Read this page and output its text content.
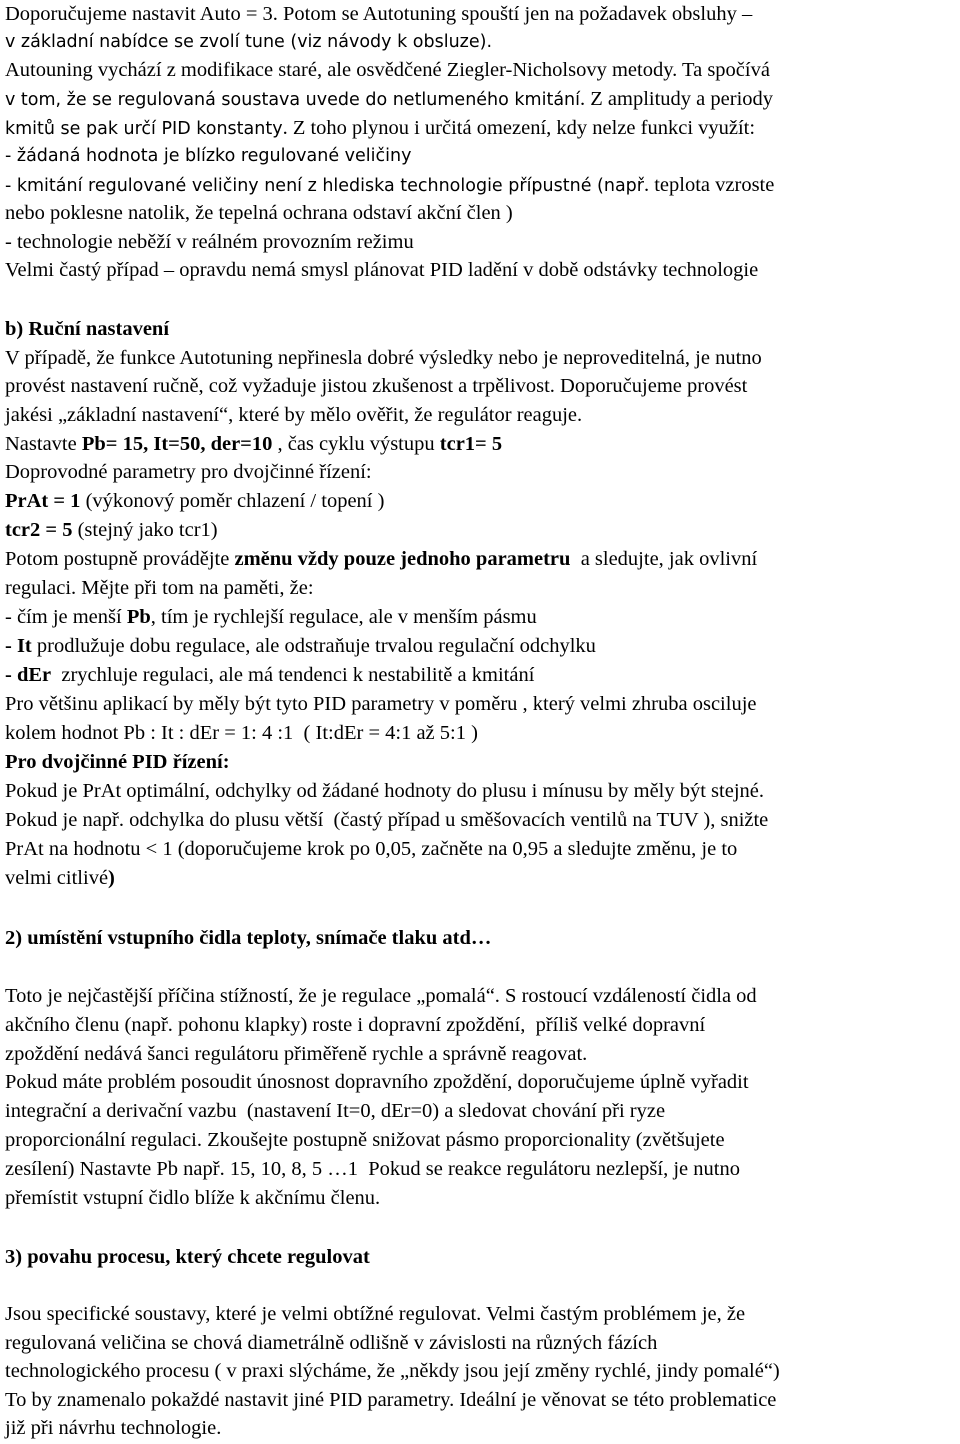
Doporučujeme nastavit Auto = 3. Potom se Autotuning spouští jen na požadavek obsluhy –
v základní nabídce se zvolí tune (viz návody k obsluze).
Autouning vychází z modifikace staré, ale osvědčené Ziegler-Nicholsovy metody. Ta spočívá
v tom, že se regulovaná soustava uvede do netlumeného kmitání. Z amplitudy a periody
kmitů se pak určí PID konstanty. Z toho plynou i určitá omezení, kdy nelze funkci využít:
- žádaná hodnota je blízko regulované veličiny
- kmitání regulované veličiny není z hlediska technologie přípustné (např. teplota vzroste
nebo poklesne natolik, že tepelná ochrana odstaví akční člen )
- technologie neběží v reálném provozním režimu
Velmi častý případ – opravdu nemá smysl plánovat PID ladění v době odstávky technologie
b) Ruční nastavení
V případě, že funkce Autotuning nepřinesla dobré výsledky nebo je neproveditelná, je nutno
provést nastavení ručně, což vyžaduje jistou zkušenost a trpělivost. Doporučujeme provést
jakési „základní nastavení“, které by mělo ověřit, že regulátor reaguje.
Nastavte Pb= 15, It=50, der=10 , čas cyklu výstupu tcr1= 5
Doprovodné parametry pro dvojčinné řízení:
PrAt = 1 (výkonový poměr chlazení / topení )
tcr2 = 5 (stejný jako tcr1)
Potom postupně provádějte změnu vždy pouze jednoho parametru  a sledujte, jak ovlivní
regulaci. Mějte při tom na paměti, že:
- čím je menší Pb, tím je rychlejší regulace, ale v menším pásmu
- It prodlužuje dobu regulace, ale odstraňuje trvalou regulační odchylku
- dEr  zrychluje regulaci, ale má tendenci k nestabilitě a kmitání
Pro většinu aplikací by měly být tyto PID parametry v poměru , který velmi zhruba osciluje
kolem hodnot Pb : It : dEr = 1: 4 :1  ( It:dEr = 4:1 až 5:1 )
Pro dvojčinné PID řízení:
Pokud je PrAt optimální, odchylky od žádané hodnoty do plusu i mínusu by měly být stejné.
Pokud je např. odchylka do plusu větší  (častý případ u směšovacích ventilů na TUV ), snižte
PrAt na hodnotu < 1 (doporučujeme krok po 0,05, začněte na 0,95 a sledujte změnu, je to
velmi citlivé)
2) umístění vstupního čidla teploty, snímače tlaku atd…
Toto je nejčastější příčina stížností, že je regulace „pomalá“. S rostoucí vzdáleností čidla od
akčního členu (např. pohonu klapky) roste i dopravní zpoždění,  příliš velké dopravní
zpoždění nedává šanci regulátoru přiměřeně rychle a správně reagovat.
Pokud máte problém posoudit únosnost dopravního zpoždění, doporučujeme úplně vyřadit
integrační a derivační vazbu  (nastavení It=0, dEr=0) a sledovat chování při ryze
proporcionální regulaci. Zkoušejte postupně snižovat pásmo proporcionality (zvětšujete
zesílení) Nastavte Pb např. 15, 10, 8, 5 …1  Pokud se reakce regulátoru nezlepší, je nutno
přemístit vstupní čidlo blíže k akčnímu členu.
3) povahu procesu, který chcete regulovat
Jsou specifické soustavy, které je velmi obtížné regulovat. Velmi častým problémem je, že
regulovaná veličina se chová diametrálně odlišně v závislosti na různých fázích
technologického procesu ( v praxi slýcháme, že „někdy jsou její změny rychlé, jindy pomalé“)
To by znamenalo pokaždé nastavit jiné PID parametry. Ideální je věnovat se této problematice
již při návrhu technologie.
